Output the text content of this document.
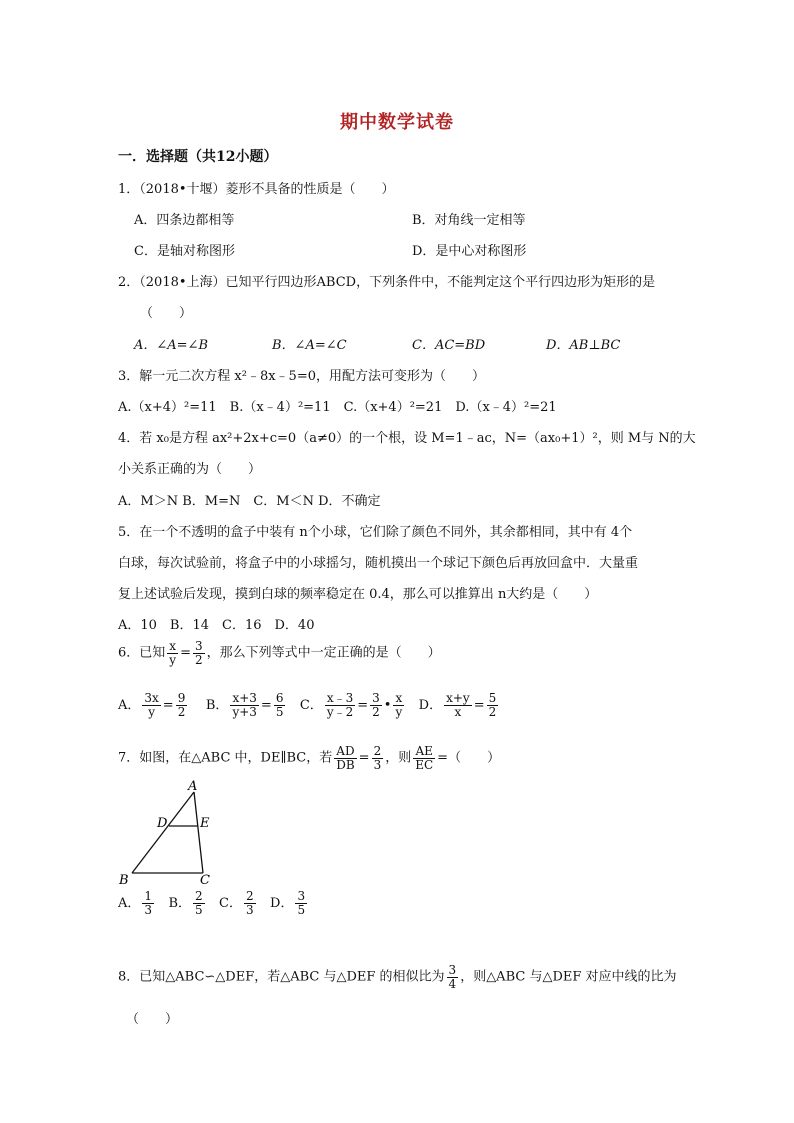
期中数学试卷
一．选择题（共12小题）
1．（2018•十堰）菱形不具备的性质是（　　）
A．四条边都相等	B．对角线一定相等
C．是轴对称图形	D．是中心对称图形
2．（2018•上海）已知平行四边形ABCD，下列条件中，不能判定这个平行四边形为矩形的是
（　　）
A．∠A=∠B	B．∠A=∠C	C．AC=BD	D．AB⊥BC
3．解一元二次方程 x²﹣8x﹣5=0，用配方法可变形为（　　）
A.（x+4）²=11　B.（x﹣4）²=11　C.（x+4）²=21　D.（x﹣4）²=21
4．若 x₀是方程 ax²+2x+c=0（a≠0）的一个根，设 M=1﹣ac，N=（ax₀+1）²，则 M与 N的大
小关系正确的为（　　）
A．M＞N B．M=N　C．M＜N D．不确定
5．在一个不透明的盒子中装有 n个小球，它们除了颜色不同外，其余都相同，其中有 4个
白球，每次试验前，将盒子中的小球摇匀，随机摸出一个球记下颜色后再放回盒中．大量重
复上述试验后发现，摸到白球的频率稳定在 0.4，那么可以推算出 n大约是（　　）
A．10　B．14　C．16　D．40
6．已知 $\frac{x}{y} = \frac{3}{2}$ ，那么下列等式中一定正确的是（　　）
A． $\frac{3x}{y} = \frac{9}{2}$ B． $\frac{x+3}{y+3} = \frac{6}{5}$ C． $\frac{x﹣3}{y﹣2} = \frac{3}{2}$ • $\frac{x}{y}$ D． $\frac{x+y}{x} = \frac{5}{2}$
7．如图，在△ABC 中，DE∥BC，若 $\frac{AD}{DB} = \frac{2}{3}$ ，则 $\frac{AE}{EC}$ =（　　）
A
D	E
B	C
A． $\frac{1}{3}$ B． $\frac{2}{5}$ C． $\frac{2}{3}$ D． $\frac{3}{5}$
8．已知△ABC∽△DEF，若△ABC 与△DEF 的相似比为 $\frac{3}{4}$ ，则△ABC 与△DEF 对应中线的比为
（　　）
